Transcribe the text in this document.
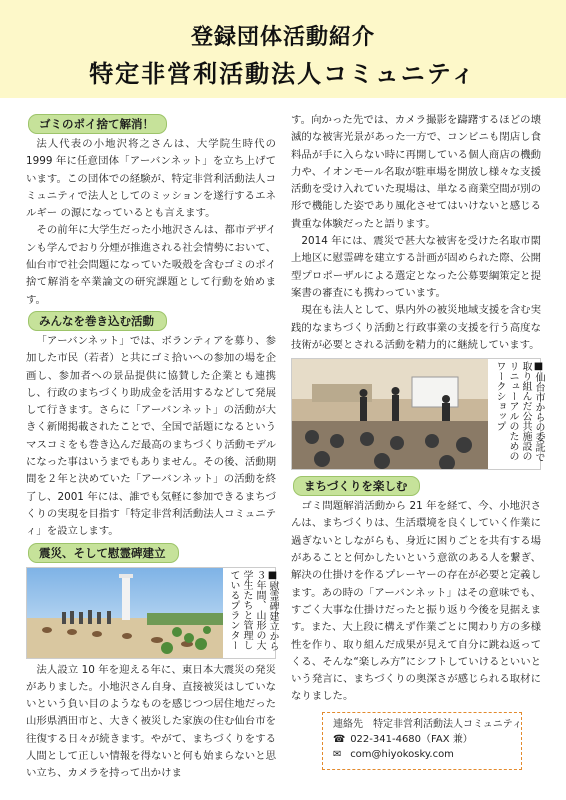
登録団体活動紹介
特定非営利活動法人コミュニティ
ゴミのポイ捨て解消！

法人代表の小地沢将之さんは、大学院生時代の1999 年に任意団体「アーバンネット」を立ち上げています。この団体での経験が、特定非営利活動法人コミュニティで法人としてのミッションを遂行するエネルギー の源になっているとも言えます。

その前年に大学生だった小地沢さんは、都市デザインも学んでおり分煙が推進される社会情勢において、仙台市で社会問題になっていた吸殻を含むゴミのポイ捨て解消を卒業論文の研究課題として行動を始めます。

みんなを巻き込む活動

「アーバンネット」では、ボランティアを募り、参加した市民（若者）と共にゴミ拾いへの参加の場を企画し、参加者への景品提供に協賛した企業とも連携し、行政のまちづくり助成金を活用するなどして発展して行きます。さらに「アーバンネット」の活動が大きく新聞掲載されたことで、全国で話題になるというマスコミをも巻き込んだ最高のまちづくり活動モデルになった事はいうまでもありません。その後、活動期間を２年と決めていた「アーバンネット」の活動を終了し、2001 年には、誰でも気軽に参加できるまちづくりの実現を目指す「特定非営利活動法人コミュニティ」を設立します。

震災、そして慰霊碑建立
■慰霊碑建立から３年間、山形の大学生たちと管理しているプランター

法人設立 10 年を迎える年に、東日本大震災の発災がありました。小地沢さん自身、直接被災はしていないという負い目のようなものを感じつつ居住地だった山形県酒田市と、大きく被災した家族の住む仙台市を往復する日々が続きます。やがて、まちづくりをする人間として正しい情報を得ないと何も始まらないと思い立ち、カメラを持って出かけま

す。向かった先では、カメラ撮影を躊躇するほどの壊滅的な被害光景があった一方で、コンビニも閉店し食料品が手に入らない時に再開している個人商店の機動力や、イオンモール名取が駐車場を開放し様々な支援活動を受け入れていた現場は、単なる商業空間が別の形で機能した姿であり風化させてはいけないと感じる貴重な体験だったと語ります。

2014 年には、震災で甚大な被害を受けた名取市閖上地区に慰霊碑を建立する計画が固められた際、公開型プロポーザルによる選定となった公募要綱策定と提案書の審査にも携わっています。

現在も法人として、県内外の被災地域支援を含む実践的なまちづくり活動と行政事業の支援を行う高度な技術が必要とされる活動を精力的に継続しています。

■仙台市からの委託で取り組んだ公共施設のリニューアルのためのワークショップ
まちづくりを楽しむ

ゴミ問題解消活動から 21 年を経て、今、小地沢さんは、まちづくりは、生活環境を良くしていく作業に過ぎないとしながらも、身近に困りごとを共有する場があることと何かしたいという意欲のある人を繋ぎ、解決の仕掛けを作るプレーヤーの存在が必要と定義します。あの時の「アーバンネット」はその意味でも、すごく大事な仕掛けだったと振り返り今後を見据えます。また、大上段に構えず作業ごとに関わり方の多様性を作り、取り組んだ成果が見えて自分に跳ね返ってくる、そんな“楽しみ方”にシフトしていけるといいという発言に、まちづくりの奥深さが感じられる取材になりました。

連絡先　特定非営利活動法人コミュニティ
☎ 022-341-4680（FAX 兼）
✉ com@hiyokosky.com
